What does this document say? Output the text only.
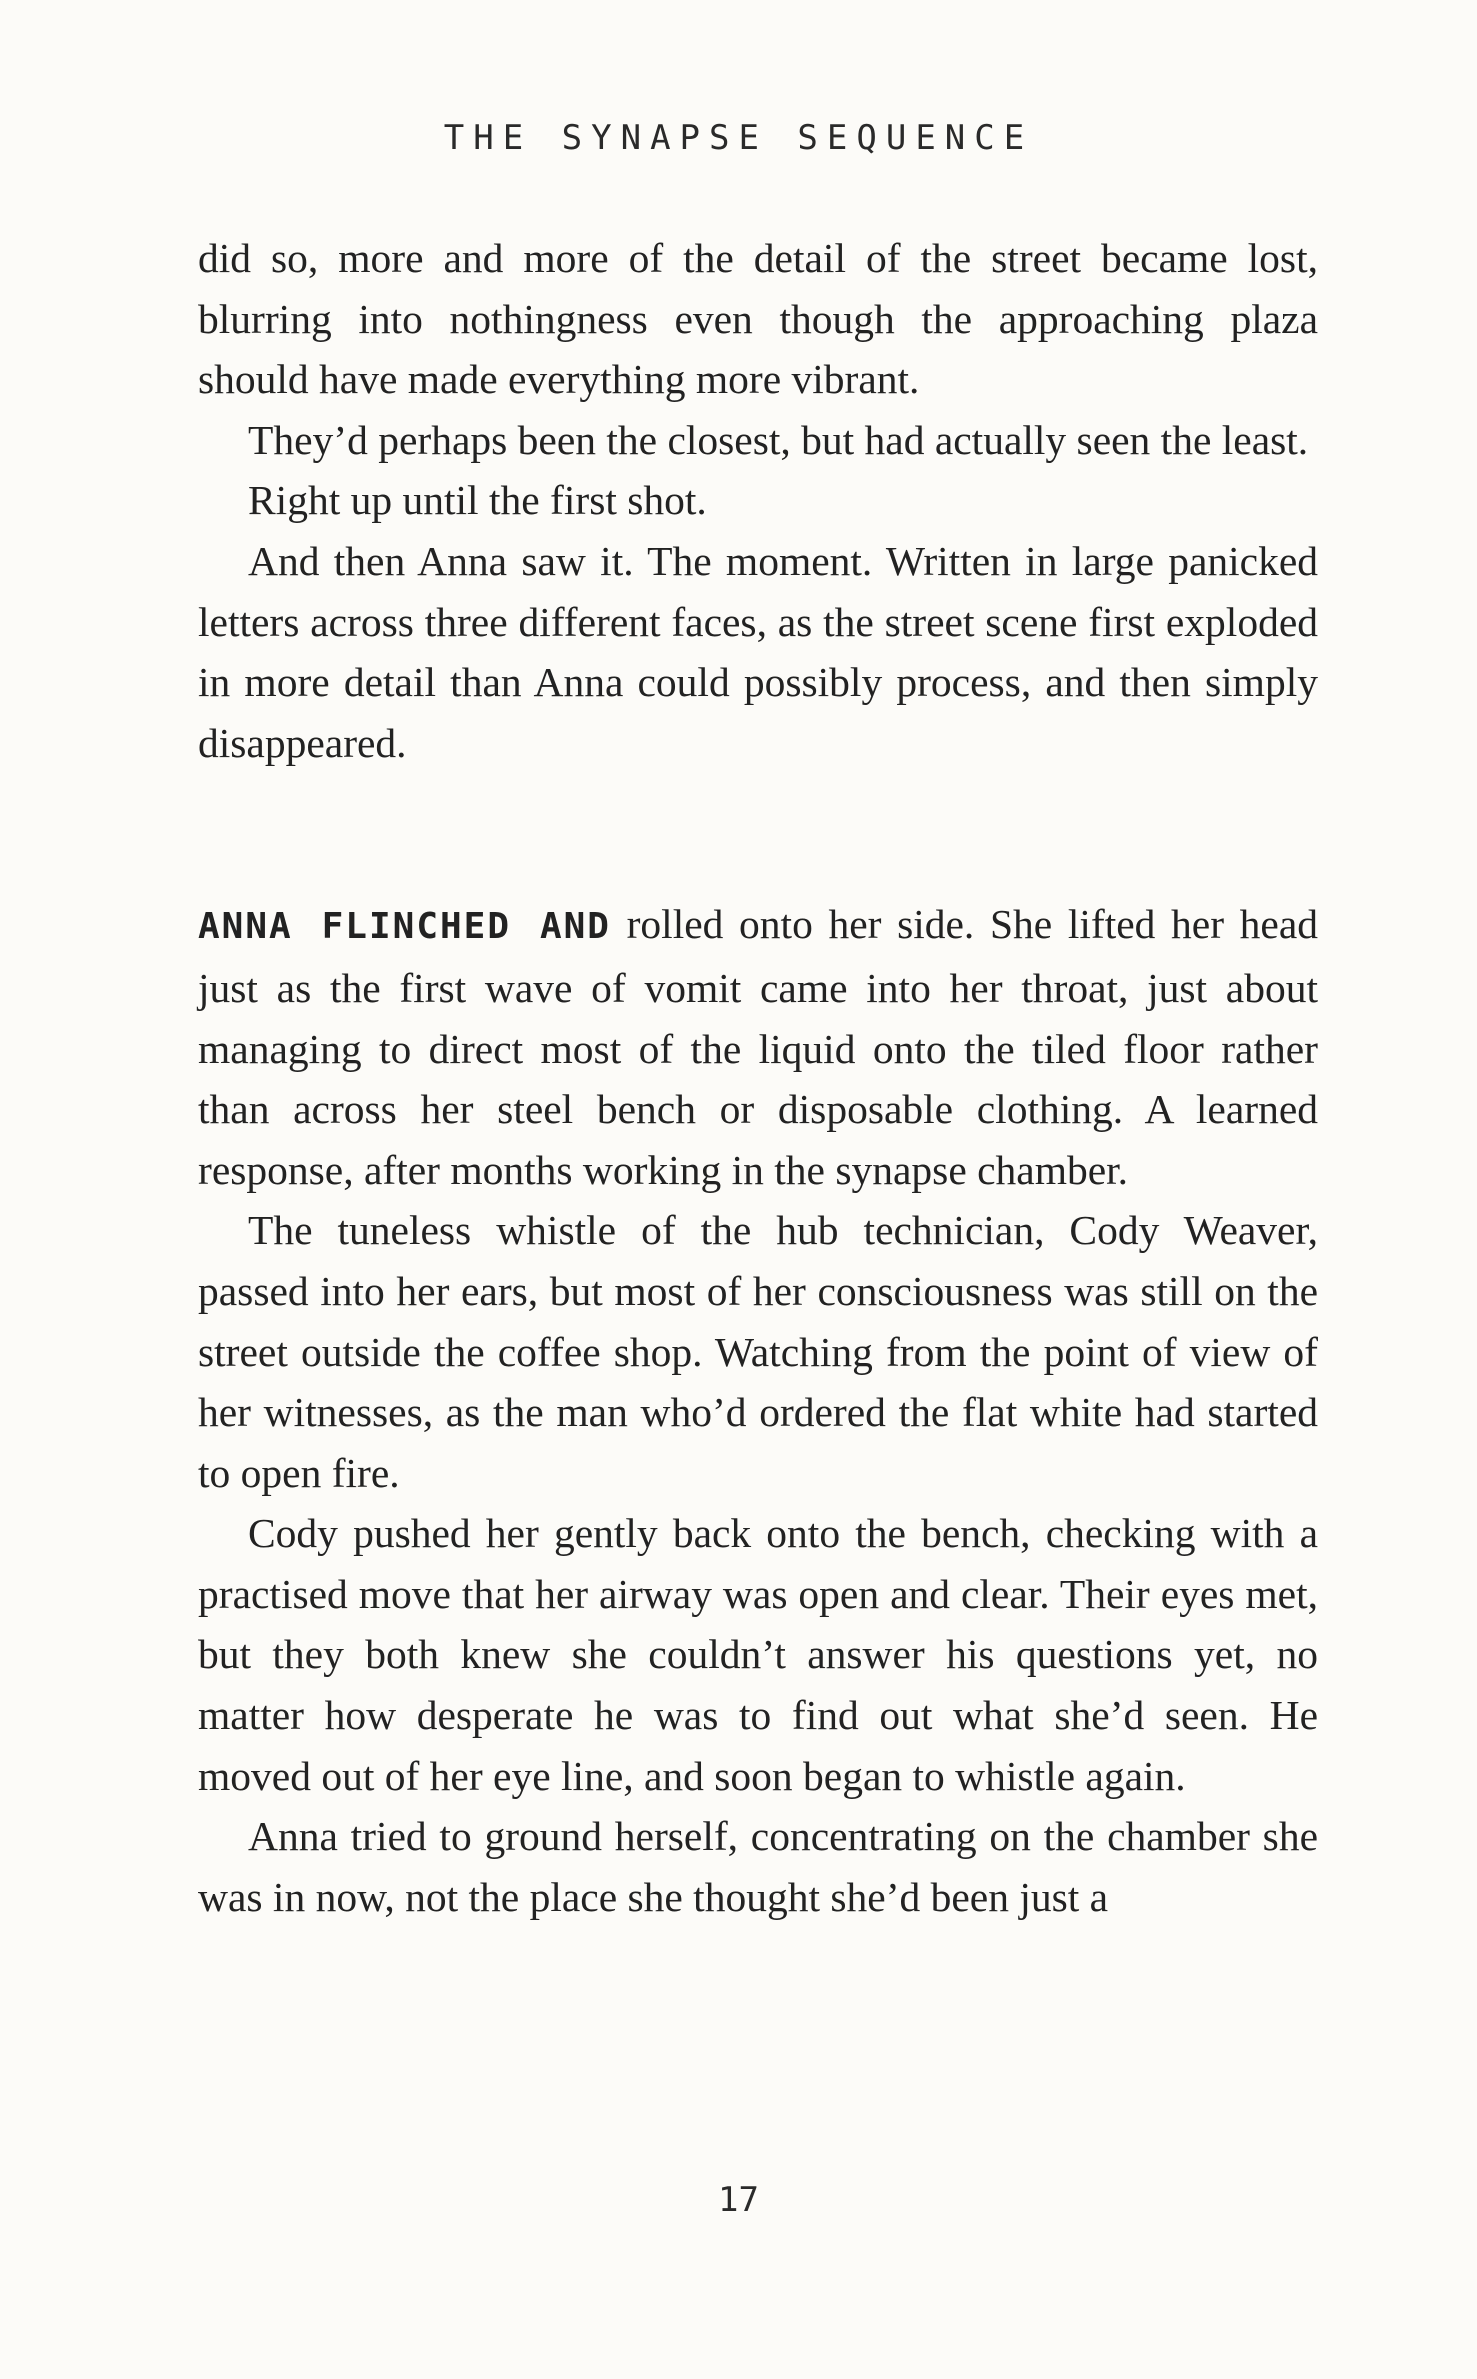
THE SYNAPSE SEQUENCE

did so, more and more of the detail of the street became lost, blurring into nothingness even though the approaching plaza should have made everything more vibrant.

They’d perhaps been the closest, but had actually seen the least.

Right up until the first shot.

And then Anna saw it. The moment. Written in large panicked letters across three different faces, as the street scene first exploded in more detail than Anna could possibly process, and then simply disappeared.

ANNA FLINCHED AND rolled onto her side. She lifted her head just as the first wave of vomit came into her throat, just about managing to direct most of the liquid onto the tiled floor rather than across her steel bench or disposable clothing. A learned response, after months working in the synapse chamber.

The tuneless whistle of the hub technician, Cody Weaver, passed into her ears, but most of her consciousness was still on the street outside the coffee shop. Watching from the point of view of her witnesses, as the man who’d ordered the flat white had started to open fire.

Cody pushed her gently back onto the bench, checking with a practised move that her airway was open and clear. Their eyes met, but they both knew she couldn’t answer his questions yet, no matter how desperate he was to find out what she’d seen. He moved out of her eye line, and soon began to whistle again.

Anna tried to ground herself, concentrating on the chamber she was in now, not the place she thought she’d been just a

17
